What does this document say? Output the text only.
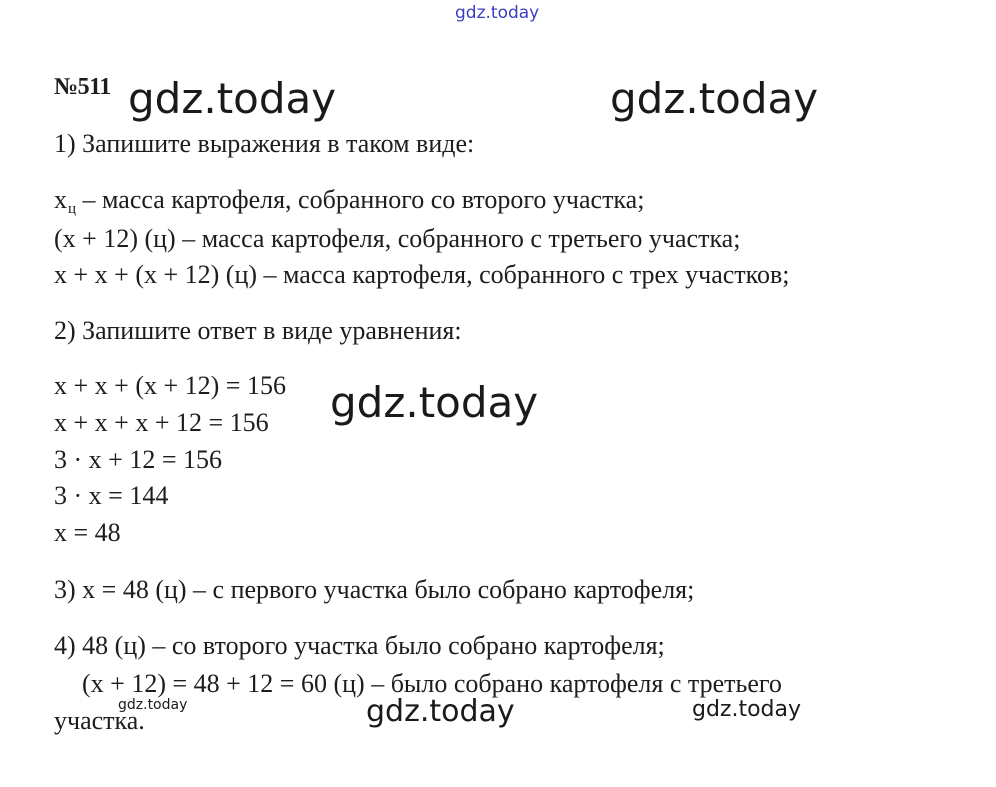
gdz.today
№511 gdz.today	gdz.today
gdz.today
gdz.today	gdz.today
gdz.today
1) Запишите выражения в таком виде:
xц – масса картофеля, собранного со второго участка;
(x + 12) (ц) – масса картофеля, собранного с третьего участка;
x + x + (x + 12) (ц) – масса картофеля, собранного с трех участков;
2) Запишите ответ в виде уравнения:
x + x + (x + 12) = 156
x + x + x + 12 = 156
3 · x + 12 = 156
3 · x = 144
x = 48
3) x = 48 (ц) – с первого участка было собрано картофеля;
4) 48 (ц) – со второго участка было собрано картофеля;
(x + 12) = 48 + 12 = 60 (ц) – было собрано картофеля с третьего
участка.
